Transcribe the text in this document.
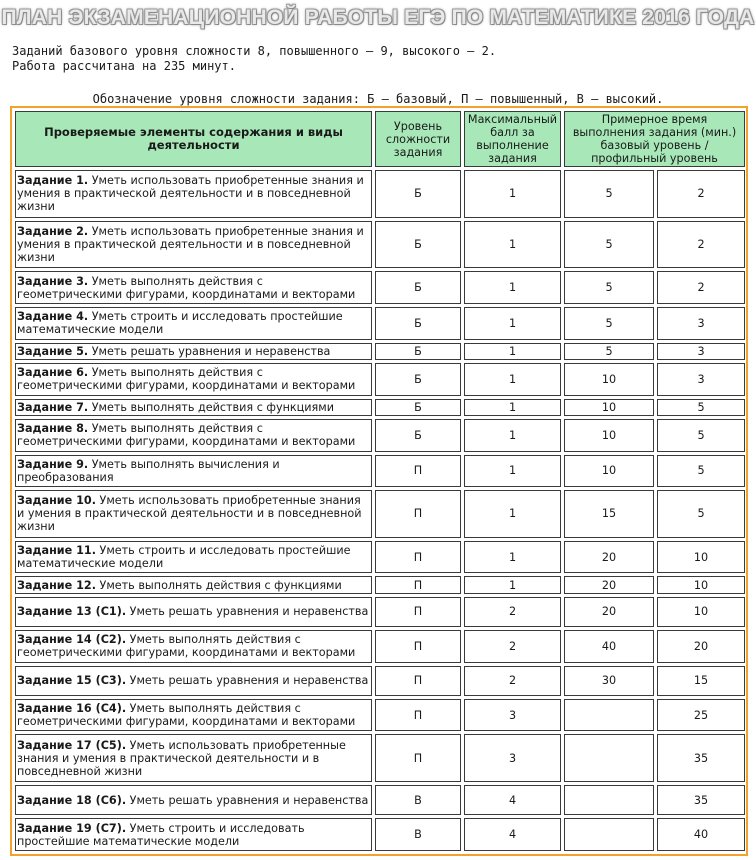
ПЛАН ЭКЗАМЕНАЦИОННОЙ РАБОТЫ ЕГЭ ПО МАТЕМАТИКЕ 2016 ГОДА
Заданий базового уровня сложности 8, повышенного — 9, высокого — 2.
Работа рассчитана на 235 минут.
Обозначение уровня сложности задания: Б — базовый, П — повышенный, В — высокий.
Проверяемые элементы содержания и виды деятельности	Уровень сложности задания	Максимальный балл за выполнение задания	Примерное время выполнения задания (мин.) базовый уровень / профильный уровень	
Задание 1. Уметь использовать приобретенные знания и умения в практической деятельности и в повседневной жизни	Б	1	5	2
Задание 2. Уметь использовать приобретенные знания и умения в практической деятельности и в повседневной жизни	Б	1	5	2
Задание 3. Уметь выполнять действия с геометрическими фигурами, координатами и векторами	Б	1	5	2
Задание 4. Уметь строить и исследовать простейшие математические модели	Б	1	5	3
Задание 5. Уметь решать уравнения и неравенства	Б	1	5	3
Задание 6. Уметь выполнять действия с геометрическими фигурами, координатами и векторами	Б	1	10	3
Задание 7. Уметь выполнять действия с функциями	Б	1	10	5
Задание 8. Уметь выполнять действия с геометрическими фигурами, координатами и векторами	Б	1	10	5
Задание 9. Уметь выполнять вычисления и преобразования	П	1	10	5
Задание 10. Уметь использовать приобретенные знания и умения в практической деятельности и в повседневной жизни	П	1	15	5
Задание 11. Уметь строить и исследовать простейшие математические модели	П	1	20	10
Задание 12. Уметь выполнять действия с функциями	П	1	20	10
Задание 13 (С1). Уметь решать уравнения и неравенства	П	2	20	10
Задание 14 (С2). Уметь выполнять действия с геометрическими фигурами, координатами и векторами	П	2	40	20
Задание 15 (С3). Уметь решать уравнения и неравенства	П	2	30	15
Задание 16 (С4). Уметь выполнять действия с геометрическими фигурами, координатами и векторами	П	3		25
Задание 17 (С5). Уметь использовать приобретенные знания и умения в практической деятельности и в повседневной жизни	П	3		35
Задание 18 (С6). Уметь решать уравнения и неравенства	В	4		35
Задание 19 (С7). Уметь строить и исследовать простейшие математические модели	В	4		40
